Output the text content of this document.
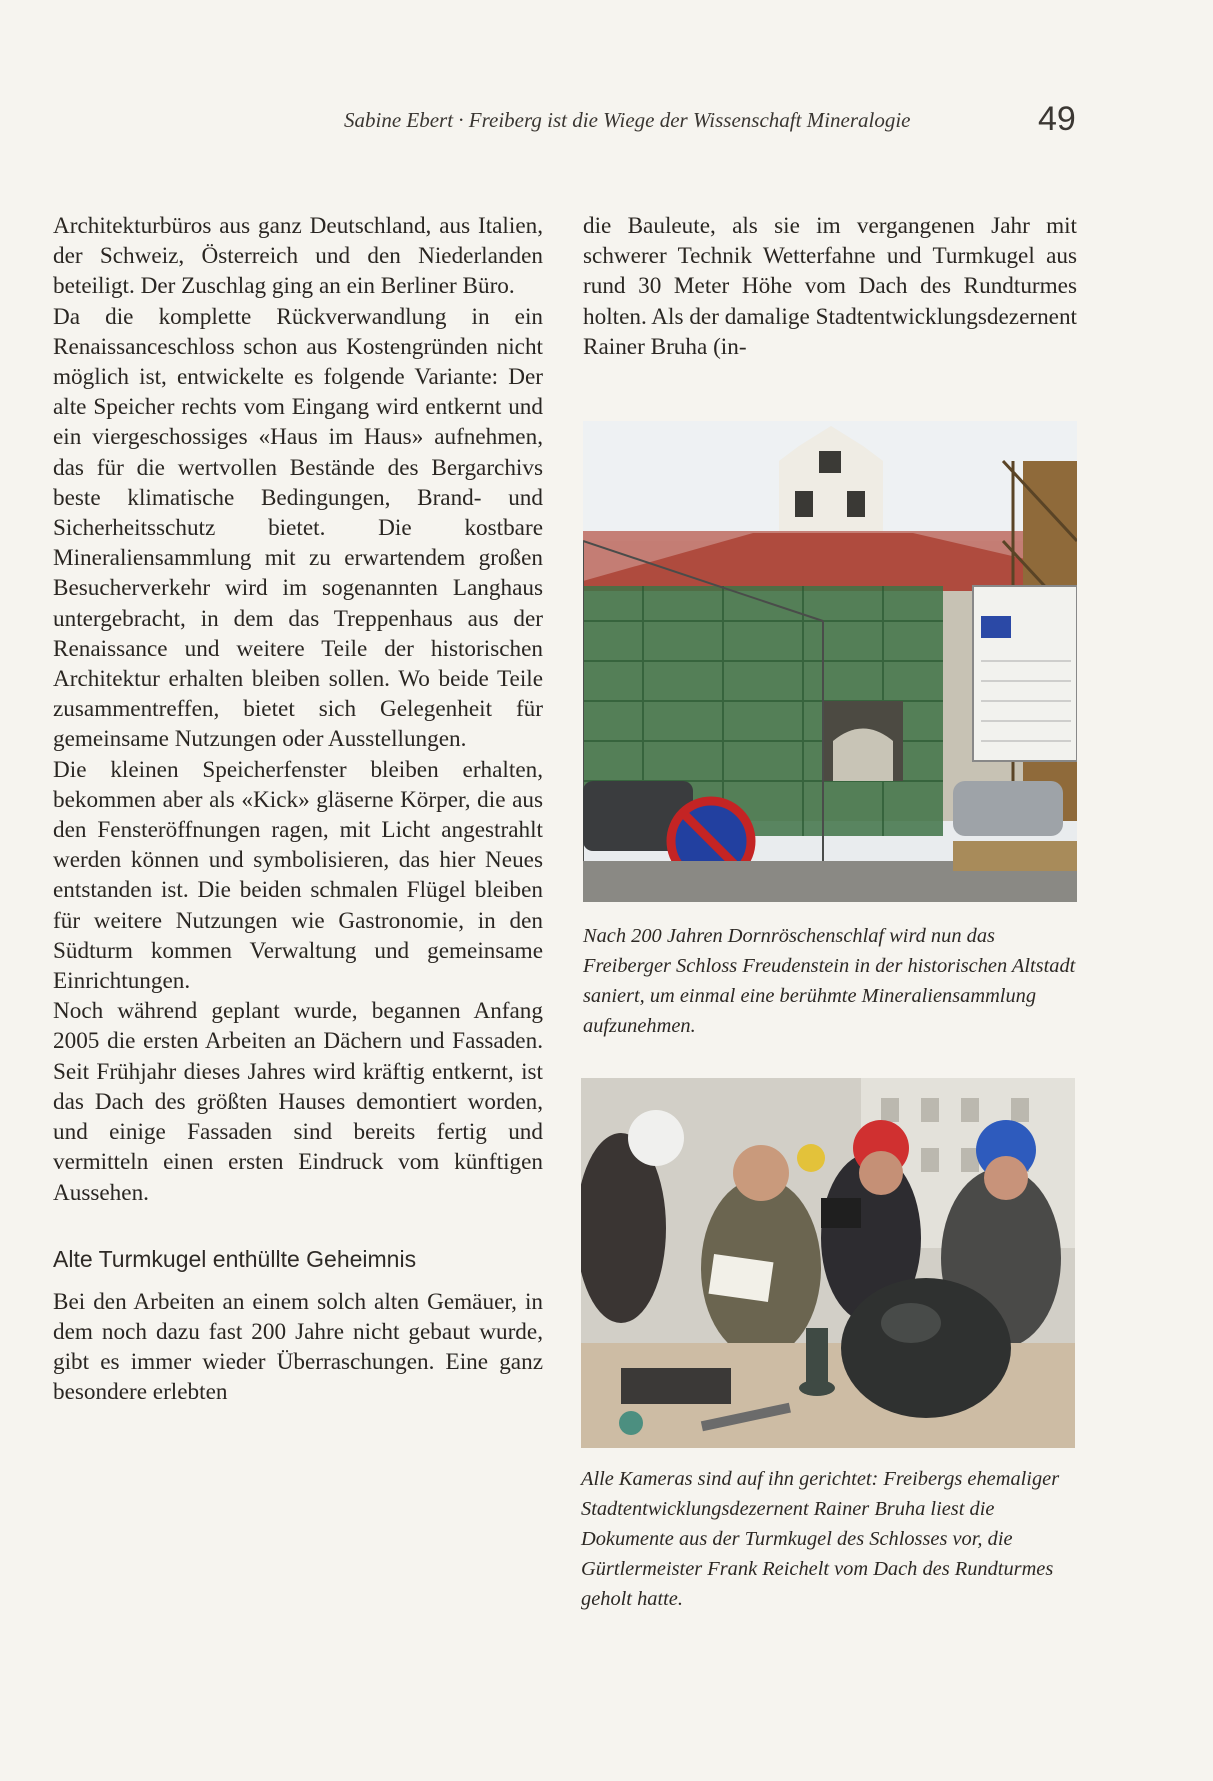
Sabine Ebert · Freiberg ist die Wiege der Wissenschaft Mineralogie	49

Architekturbüros aus ganz Deutschland, aus Italien, der Schweiz, Österreich und den Niederlanden beteiligt. Der Zuschlag ging an ein Berliner Büro.

Da die komplette Rückverwandlung in ein Renaissanceschloss schon aus Kostengründen nicht möglich ist, entwickelte es folgende Variante: Der alte Speicher rechts vom Eingang wird entkernt und ein viergeschossiges «Haus im Haus» aufnehmen, das für die wertvollen Bestände des Bergarchivs beste klimatische Bedingungen, Brand- und Sicherheitsschutz bietet. Die kostbare Mineraliensammlung mit zu erwartendem großen Besucherverkehr wird im sogenannten Langhaus untergebracht, in dem das Treppenhaus aus der Renaissance und weitere Teile der historischen Architektur erhalten bleiben sollen. Wo beide Teile zusammentreffen, bietet sich Gelegenheit für gemeinsame Nutzungen oder Ausstellungen.

Die kleinen Speicherfenster bleiben erhalten, bekommen aber als «Kick» gläserne Körper, die aus den Fensteröffnungen ragen, mit Licht angestrahlt werden können und symbolisieren, das hier Neues entstanden ist. Die beiden schmalen Flügel bleiben für weitere Nutzungen wie Gastronomie, in den Südturm kommen Verwaltung und gemeinsame Einrichtungen.

Noch während geplant wurde, begannen Anfang 2005 die ersten Arbeiten an Dächern und Fassaden. Seit Frühjahr dieses Jahres wird kräftig entkernt, ist das Dach des größten Hauses demontiert worden, und einige Fassaden sind bereits fertig und vermitteln einen ersten Eindruck vom künftigen Aussehen.

Alte Turmkugel enthüllte Geheimnis

Bei den Arbeiten an einem solch alten Gemäuer, in dem noch dazu fast 200 Jahre nicht gebaut wurde, gibt es immer wieder Überraschungen. Eine ganz besondere erlebten

die Bauleute, als sie im vergangenen Jahr mit schwerer Technik Wetterfahne und Turmkugel aus rund 30 Meter Höhe vom Dach des Rundturmes holten. Als der damalige Stadtentwicklungsdezernent Rainer Bruha (in-

Nach 200 Jahren Dornröschenschlaf wird nun das Freiberger Schloss Freudenstein in der historischen Altstadt saniert, um einmal eine berühmte Mineraliensammlung aufzunehmen.
Alle Kameras sind auf ihn gerichtet: Freibergs ehemaliger Stadtentwicklungsdezernent Rainer Bruha liest die Dokumente aus der Turmkugel des Schlosses vor, die Gürtlermeister Frank Reichelt vom Dach des Rundturmes geholt hatte.
